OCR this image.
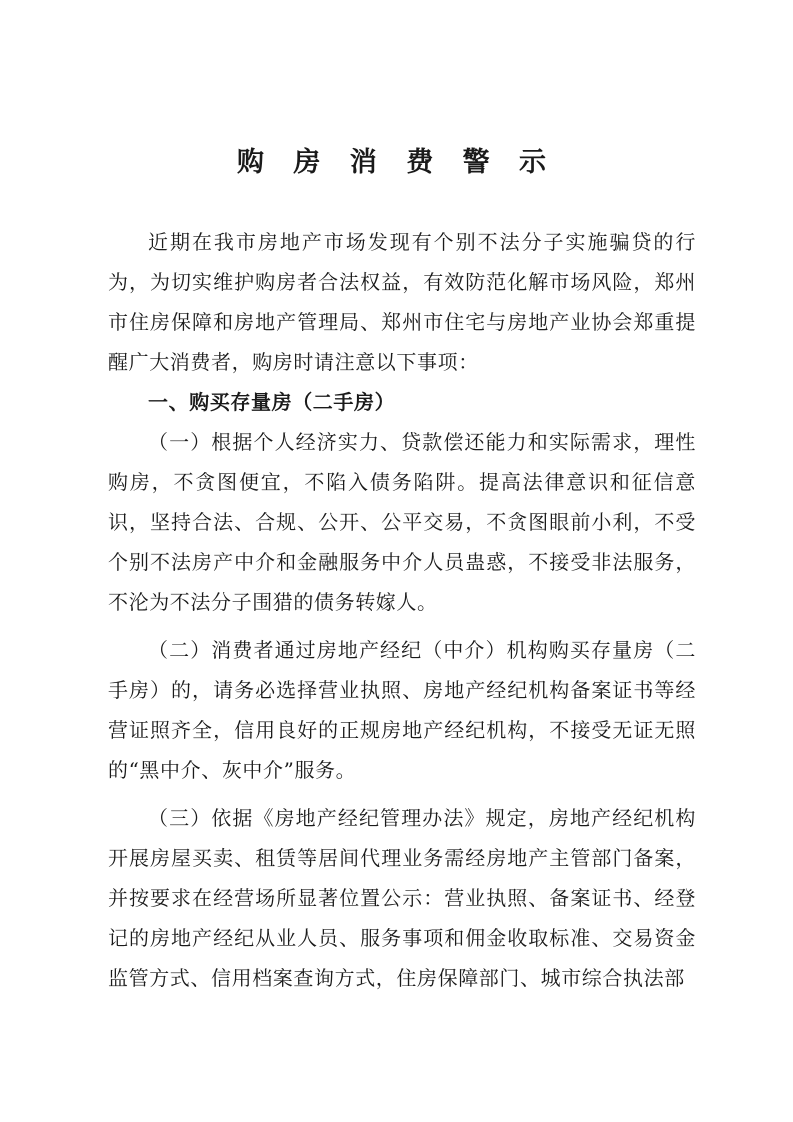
购 房 消 费 警 示

近期在我市房地产市场发现有个别不法分子实施骗贷的行为，为切实维护购房者合法权益，有效防范化解市场风险，郑州市住房保障和房地产管理局、郑州市住宅与房地产业协会郑重提醒广大消费者，购房时请注意以下事项：

一、购买存量房（二手房）

（一）根据个人经济实力、贷款偿还能力和实际需求，理性购房，不贪图便宜，不陷入债务陷阱。提高法律意识和征信意识，坚持合法、合规、公开、公平交易，不贪图眼前小利，不受个别不法房产中介和金融服务中介人员蛊惑，不接受非法服务，不沦为不法分子围猎的债务转嫁人。

（二）消费者通过房地产经纪（中介）机构购买存量房（二手房）的，请务必选择营业执照、房地产经纪机构备案证书等经营证照齐全，信用良好的正规房地产经纪机构，不接受无证无照的“黑中介、灰中介”服务。

（三）依据《房地产经纪管理办法》规定，房地产经纪机构开展房屋买卖、租赁等居间代理业务需经房地产主管部门备案，并按要求在经营场所显著位置公示：营业执照、备案证书、经登记的房地产经纪从业人员、服务事项和佣金收取标准、交易资金监管方式、信用档案查询方式，住房保障部门、城市综合执法部
